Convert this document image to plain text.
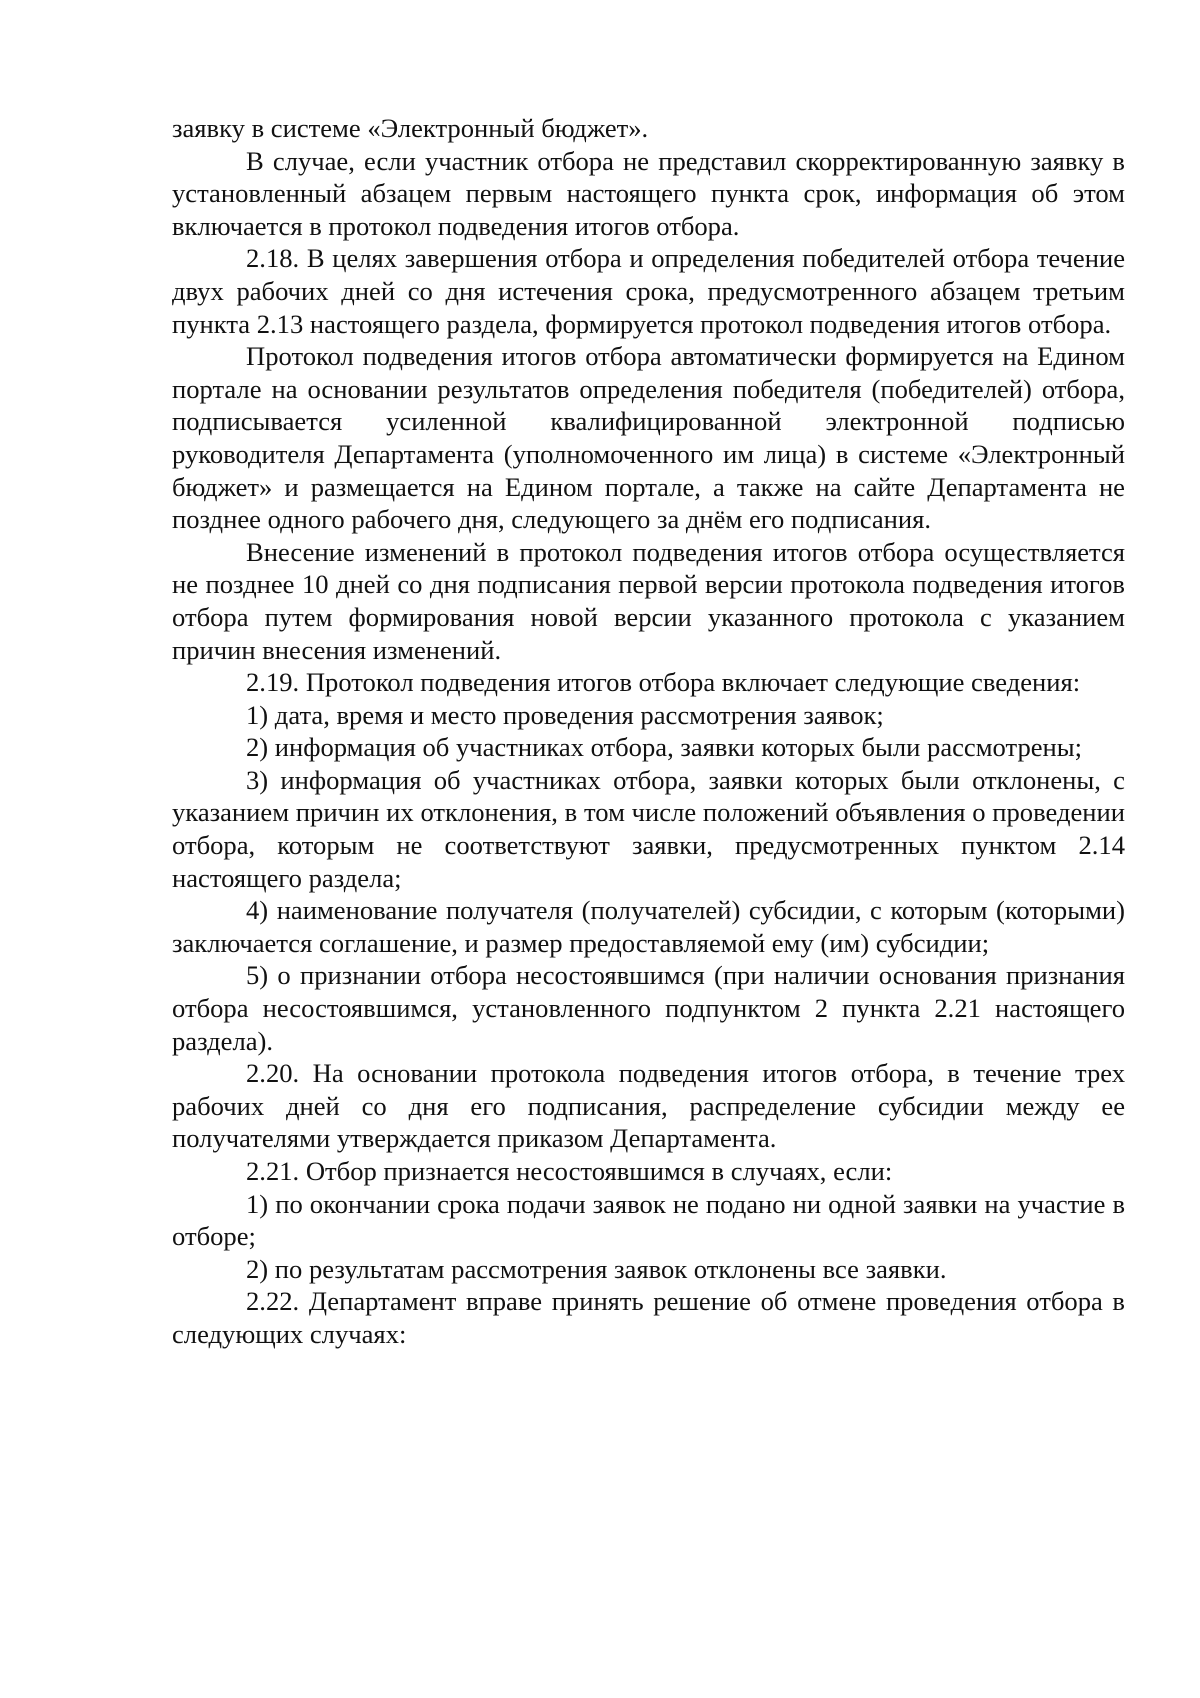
заявку в системе «Электронный бюджет».

В случае, если участник отбора не представил скорректированную заявку в установленный абзацем первым настоящего пункта срок, информация об этом включается в протокол подведения итогов отбора.

2.18. В целях завершения отбора и определения победителей отбора течение двух рабочих дней со дня истечения срока, предусмотренного абзацем третьим пункта 2.13 настоящего раздела, формируется протокол подведения итогов отбора.

Протокол подведения итогов отбора автоматически формируется на Едином портале на основании результатов определения победителя (победителей) отбора, подписывается усиленной квалифицированной электронной подписью руководителя Департамента (уполномоченного им лица) в системе «Электронный бюджет» и размещается на Едином портале, а также на сайте Департамента не позднее одного рабочего дня, следующего за днём его подписания.

Внесение изменений в протокол подведения итогов отбора осуществляется не позднее 10 дней со дня подписания первой версии протокола подведения итогов отбора путем формирования новой версии указанного протокола с указанием причин внесения изменений.

2.19. Протокол подведения итогов отбора включает следующие сведения:

1) дата, время и место проведения рассмотрения заявок;

2) информация об участниках отбора, заявки которых были рассмотрены;

3) информация об участниках отбора, заявки которых были отклонены, с указанием причин их отклонения, в том числе положений объявления о проведении отбора, которым не соответствуют заявки, предусмотренных пунктом 2.14 настоящего раздела;

4) наименование получателя (получателей) субсидии, с которым (которыми) заключается соглашение, и размер предоставляемой ему (им) субсидии;

5) о признании отбора несостоявшимся (при наличии основания признания отбора несостоявшимся, установленного подпунктом 2 пункта 2.21 настоящего раздела).

2.20. На основании протокола подведения итогов отбора, в течение трех рабочих дней со дня его подписания, распределение субсидии между ее получателями утверждается приказом Департамента.

2.21. Отбор признается несостоявшимся в случаях, если:

1) по окончании срока подачи заявок не подано ни одной заявки на участие в отборе;

2) по результатам рассмотрения заявок отклонены все заявки.

2.22. Департамент вправе принять решение об отмене проведения отбора в следующих случаях:
